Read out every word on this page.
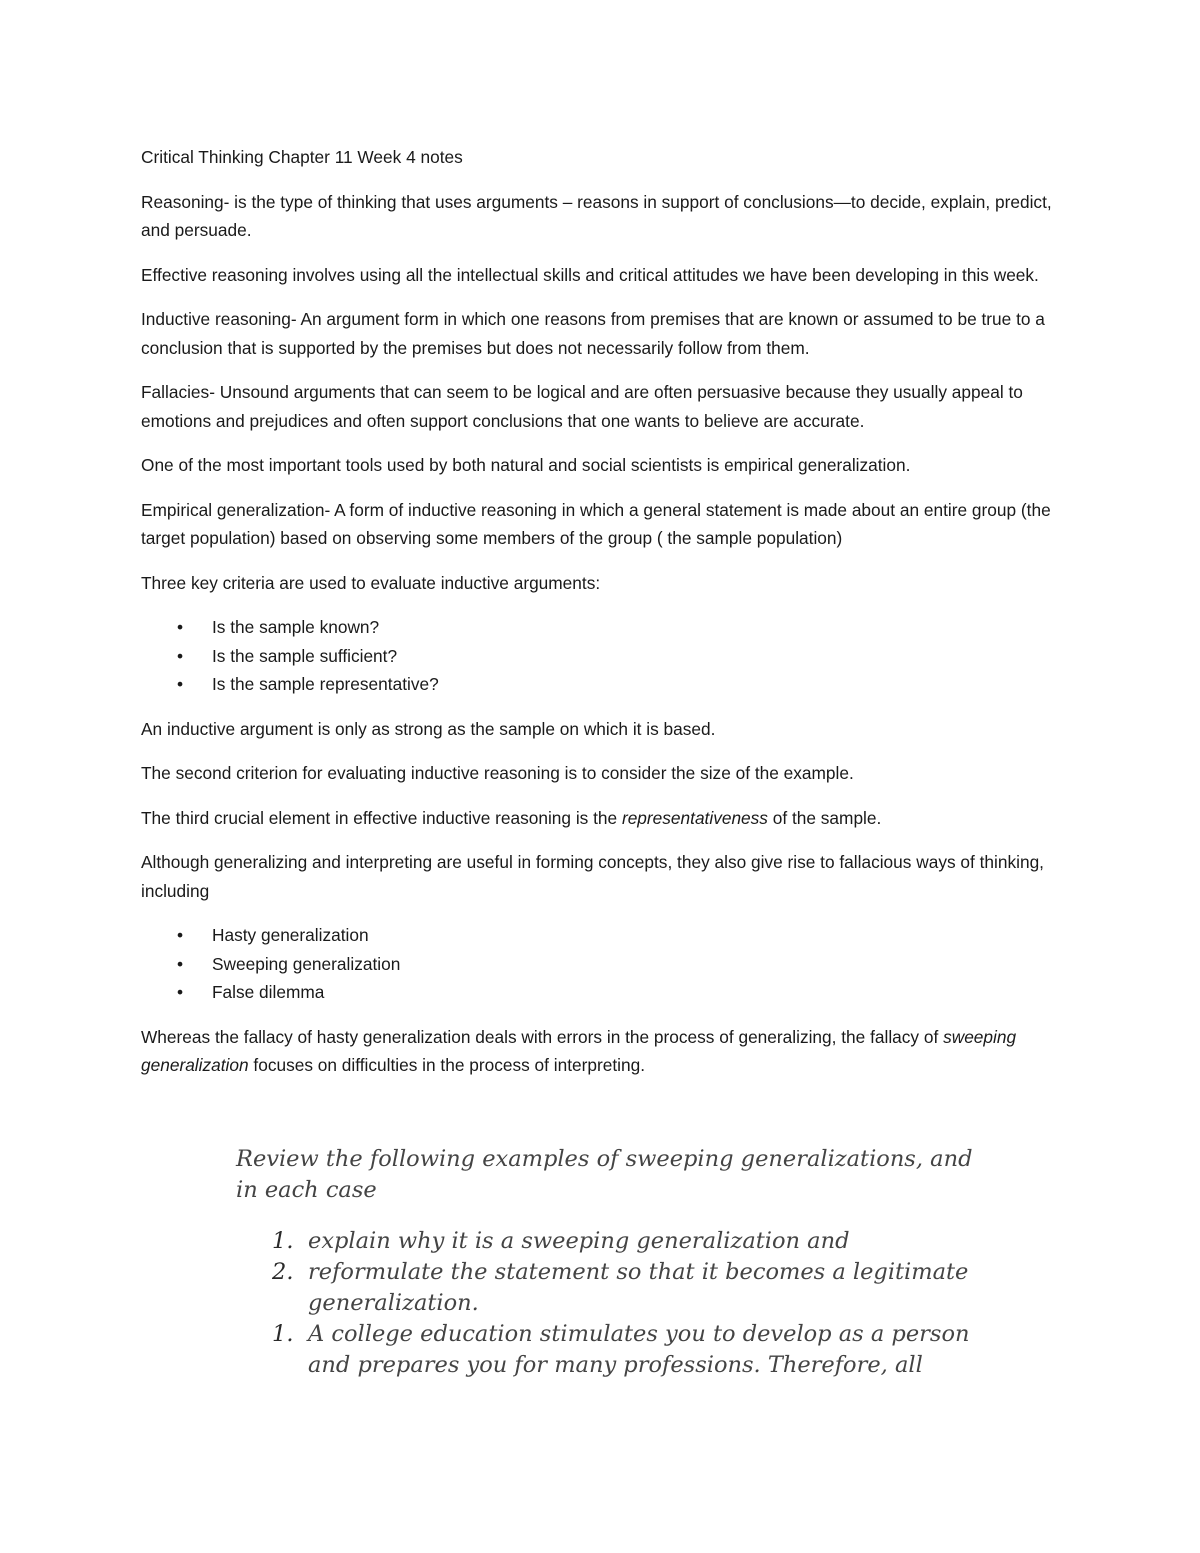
Critical Thinking Chapter 11 Week 4 notes

Reasoning- is the type of thinking that uses arguments – reasons in support of conclusions—to decide, explain, predict, and persuade.

Effective reasoning involves using all the intellectual skills and critical attitudes we have been developing in this week.

Inductive reasoning- An argument form in which one reasons from premises that are known or assumed to be true to a conclusion that is supported by the premises but does not necessarily follow from them.

Fallacies- Unsound arguments that can seem to be logical and are often persuasive because they usually appeal to emotions and prejudices and often support conclusions that one wants to believe are accurate.

One of the most important tools used by both natural and social scientists is empirical generalization.

Empirical generalization- A form of inductive reasoning in which a general statement is made about an entire group (the target population) based on observing some members of the group ( the sample population)

Three key criteria are used to evaluate inductive arguments:

• Is the sample known?
• Is the sample sufficient?
• Is the sample representative?

An inductive argument is only as strong as the sample on which it is based.

The second criterion for evaluating inductive reasoning is to consider the size of the example.

The third crucial element in effective inductive reasoning is the representativeness of the sample.

Although generalizing and interpreting are useful in forming concepts, they also give rise to fallacious ways of thinking, including

• Hasty generalization
• Sweeping generalization
• False dilemma

Whereas the fallacy of hasty generalization deals with errors in the process of generalizing, the fallacy of sweeping generalization focuses on difficulties in the process of interpreting.

Review the following examples of sweeping generalizations, and in each case

1. explain why it is a sweeping generalization and
2. reformulate the statement so that it becomes a legitimate generalization.
1. A college education stimulates you to develop as a person and prepares you for many professions. Therefore, all
